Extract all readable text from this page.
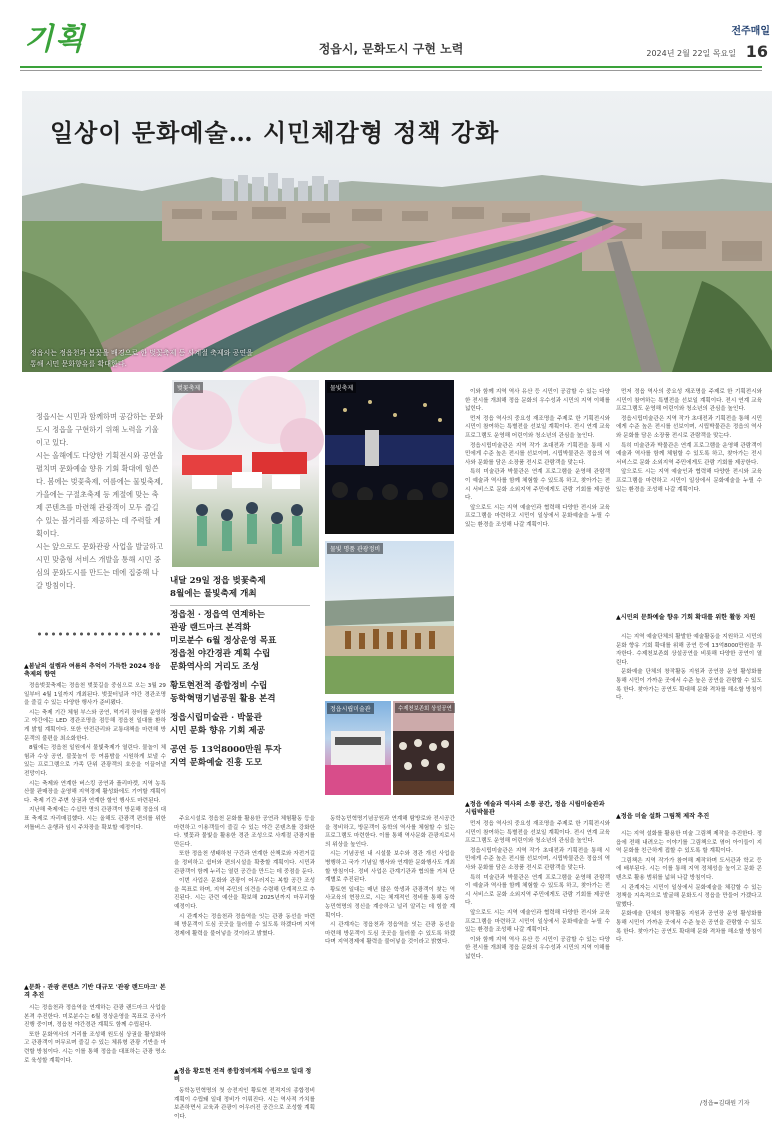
기획	정읍시, 문화도시 구현 노력
전주매일
2024년 2월 22일 목요일 16
일상이 문화예술… 시민체감형 정책 강화
정읍시는 정읍천과 봄꽃을 배경으로 한 벚꽃축제 등 사계절 축제와 공연을 통해 시민 문화향유를 확대한다.

정읍시는 시민과 함께하며 공감하는 문화도시 정읍을 구현하기 위해 노력을 기울이고 있다.

시는 올해에도 다양한 기획전시와 공연을 펼치며 문화예술 향유 기회 확대에 힘쓴다. 봄에는 벚꽃축제, 여름에는 물빛축제, 가을에는 구절초축제 등 계절에 맞는 축제 콘텐츠를 마련해 관광객이 모두 즐길 수 있는 볼거리를 제공하는 데 주력할 계획이다.

시는 앞으로도 문화관광 사업을 발굴하고 시민 맞춤형 서비스 개발을 통해 시민 중심의 문화도시를 만드는 데에 집중해 나갈 방침이다.

▲봄날의 설렘과 여름의 추억이 가득한 2024 정읍 축제의 향연

정읍벚꽃축제는 정읍천 벚꽃길을 중심으로 오는 3월 29일부터 4월 1일까지 개최된다. 벚꽃터널과 야간 경관조명을 즐길 수 있는 다양한 행사가 준비됐다.

시는 축제 기간 체험 부스와 공연, 먹거리 장터를 운영하고 야간에는 LED 경관조명을 점등해 정읍천 일대를 환하게 밝힐 계획이다. 또한 안전관리와 교통대책을 마련해 방문객의 불편을 최소화한다.

8월에는 정읍천 일원에서 물빛축제가 열린다. 물놀이 체험과 수상 공연, 불꽃놀이 등 여름밤을 시원하게 보낼 수 있는 프로그램으로 가족 단위 관광객의 호응을 이끌어낼 전망이다.

시는 축제와 연계한 버스킹 공연과 플리마켓, 지역 농특산물 판매장을 운영해 지역경제 활성화에도 기여할 계획이다. 축제 기간 주변 상권과 연계한 할인 행사도 마련된다.

지난해 축제에는 수십만 명의 관광객이 방문해 정읍의 대표 축제로 자리매김했다. 시는 올해도 관광객 편의를 위한 셔틀버스 운행과 임시 주차장을 확보할 예정이다.

▲문화 · 관광 콘텐츠 기반 대규모 '관광 랜드마크' 본격 추진

시는 정읍천과 정읍역을 연계하는 관광 랜드마크 사업을 본격 추진한다. 미로분수는 6월 정상운영을 목표로 공사가 진행 중이며, 정읍천 야간경관 계획도 함께 수립된다.

또한 문화역사의 거리를 조성해 원도심 상권을 활성화하고 관광객이 머무르며 즐길 수 있는 체류형 관광 기반을 마련할 방침이다. 시는 이를 통해 정읍을 대표하는 관광 명소로 육성할 계획이다.

벚꽃축제	물빛축제
물빛 명품 관광정비
정읍시립미술관	수제천보존회 상설공연
내달 29일 정읍 벚꽃축제
8월에는 물빛축제 개최
정읍천 · 정읍역 연계하는
관광 랜드마크 본격화
미로분수 6월 정상운영 목표
정읍천 야간경관 계획 수립
문화역사의 거리도 조성
황토현전적 종합정비 수립
동학혁명기념공원 활용 본격
정읍시립미술관 · 박물관
시민 문화 향유 기회 제공
공연 등 13억8000만원 투자
지역 문화예술 진흥 도모

주요시설로 정읍천 문화를 활용한 공연과 체험활동 등을 마련하고 이용객들이 즐길 수 있는 야간 콘텐츠를 강화한다. 벚꽃과 물빛을 활용한 경관 조성으로 사계절 관광지를 만든다.

또한 정읍천 생태하천 구간과 연계한 산책로와 자전거길을 정비하고 쉼터와 편의시설을 확충할 계획이다. 시민과 관광객이 함께 누리는 열린 공간을 만드는 데 중점을 둔다.

이번 사업은 문화와 관광이 어우러지는 복합 공간 조성을 목표로 하며, 지역 주민의 의견을 수렴해 단계적으로 추진된다. 시는 관련 예산을 확보해 2025년까지 마무리할 예정이다.

시 관계자는 정읍천과 정읍역을 잇는 관광 동선을 마련해 방문객이 도심 곳곳을 둘러볼 수 있도록 하겠다며 지역경제에 활력을 불어넣을 것이라고 밝혔다.

▲정읍 황토현 전적 종합정비계획 수립으로 일대 정비

동학농민혁명의 첫 승전지인 황토현 전적지의 종합정비계획이 수립돼 일대 정비가 이뤄진다. 시는 역사적 가치를 보존하면서 교육과 관광이 어우러진 공간으로 조성할 계획이다.

동학농민혁명기념공원과 연계해 탐방로와 전시공간을 정비하고, 방문객이 동학의 역사를 체험할 수 있는 프로그램도 마련한다. 이를 통해 역사문화 관광지로서의 위상을 높인다.

시는 기념공원 내 시설물 보수와 경관 개선 사업을 병행하고 국가 기념일 행사와 연계한 문화행사도 개최할 방침이다. 정비 사업은 관계기관과 협의를 거쳐 단계별로 추진된다.

황토현 일대는 매년 많은 학생과 관광객이 찾는 역사교육의 현장으로, 시는 체계적인 정비를 통해 동학농민혁명의 정신을 계승하고 널리 알리는 데 힘쓸 계획이다.

시 관계자는 정읍천과 정읍역을 잇는 관광 동선을 마련해 방문객이 도심 곳곳을 둘러볼 수 있도록 하겠다며 지역경제에 활력을 불어넣을 것이라고 밝혔다.

이와 함께 지역 역사 유산 등 시민이 공감할 수 있는 다양한 전시를 개최해 정읍 문화의 우수성과 시민의 지역 이해를 넓힌다.

먼저 정읍 역사의 중요성 재조명을 주제로 한 기획전시와 시민이 참여하는 특별전을 선보일 계획이다. 전시 연계 교육 프로그램도 운영해 어린이와 청소년의 관심을 높인다.

정읍시립미술관은 지역 작가 초대전과 기획전을 통해 시민에게 수준 높은 전시를 선보이며, 시립박물관은 정읍의 역사와 문화를 담은 소장품 전시로 관람객을 맞는다.

특히 미술관과 박물관은 연계 프로그램을 운영해 관람객이 예술과 역사를 함께 체험할 수 있도록 하고, 찾아가는 전시 서비스로 문화 소외지역 주민에게도 관람 기회를 제공한다.

앞으로도 시는 지역 예술인과 협력해 다양한 전시와 교육 프로그램을 마련하고 시민이 일상에서 문화예술을 누릴 수 있는 환경을 조성해 나갈 계획이다.

▲정읍 예술과 역사의 소통 공간, 정읍 시립미술관과 시립박물관

먼저 정읍 역사의 중요성 재조명을 주제로 한 기획전시와 시민이 참여하는 특별전을 선보일 계획이다. 전시 연계 교육 프로그램도 운영해 어린이와 청소년의 관심을 높인다.

정읍시립미술관은 지역 작가 초대전과 기획전을 통해 시민에게 수준 높은 전시를 선보이며, 시립박물관은 정읍의 역사와 문화를 담은 소장품 전시로 관람객을 맞는다.

특히 미술관과 박물관은 연계 프로그램을 운영해 관람객이 예술과 역사를 함께 체험할 수 있도록 하고, 찾아가는 전시 서비스로 문화 소외지역 주민에게도 관람 기회를 제공한다.

앞으로도 시는 지역 예술인과 협력해 다양한 전시와 교육 프로그램을 마련하고 시민이 일상에서 문화예술을 누릴 수 있는 환경을 조성해 나갈 계획이다.

이와 함께 지역 역사 유산 등 시민이 공감할 수 있는 다양한 전시를 개최해 정읍 문화의 우수성과 시민의 지역 이해를 넓힌다.

먼저 정읍 역사의 중요성 재조명을 주제로 한 기획전시와 시민이 참여하는 특별전을 선보일 계획이다. 전시 연계 교육 프로그램도 운영해 어린이와 청소년의 관심을 높인다.

정읍시립미술관은 지역 작가 초대전과 기획전을 통해 시민에게 수준 높은 전시를 선보이며, 시립박물관은 정읍의 역사와 문화를 담은 소장품 전시로 관람객을 맞는다.

특히 미술관과 박물관은 연계 프로그램을 운영해 관람객이 예술과 역사를 함께 체험할 수 있도록 하고, 찾아가는 전시 서비스로 문화 소외지역 주민에게도 관람 기회를 제공한다.

앞으로도 시는 지역 예술인과 협력해 다양한 전시와 교육 프로그램을 마련하고 시민이 일상에서 문화예술을 누릴 수 있는 환경을 조성해 나갈 계획이다.

▲시민의 문화예술 향유 기회 확대를 위한 활동 지원

시는 지역 예술단체의 활발한 예술활동을 지원하고 시민의 문화 향유 기회 확대를 위해 공연 등에 13억8000만원을 투자한다. 수제천보존회 상설공연을 비롯해 다양한 공연이 열린다.

문화예술 단체의 창작활동 지원과 공연장 운영 활성화를 통해 시민이 가까운 곳에서 수준 높은 공연을 관람할 수 있도록 한다. 찾아가는 공연도 확대해 문화 격차를 해소할 방침이다.

▲정읍 미술 설화 그림책 제작 추진

시는 지역 설화를 활용한 미술 그림책 제작을 추진한다. 정읍에 전해 내려오는 이야기를 그림책으로 엮어 아이들이 지역 문화를 친근하게 접할 수 있도록 할 계획이다.

그림책은 지역 작가가 참여해 제작하며 도서관과 학교 등에 배부된다. 시는 이를 통해 지역 정체성을 높이고 문화 콘텐츠로 활용 범위를 넓혀 나갈 방침이다.

시 관계자는 시민이 일상에서 문화예술을 체감할 수 있는 정책을 지속적으로 발굴해 문화도시 정읍을 만들어 가겠다고 말했다.

문화예술 단체의 창작활동 지원과 공연장 운영 활성화를 통해 시민이 가까운 곳에서 수준 높은 공연을 관람할 수 있도록 한다. 찾아가는 공연도 확대해 문화 격차를 해소할 방침이다.

/정읍=김대원 기자
